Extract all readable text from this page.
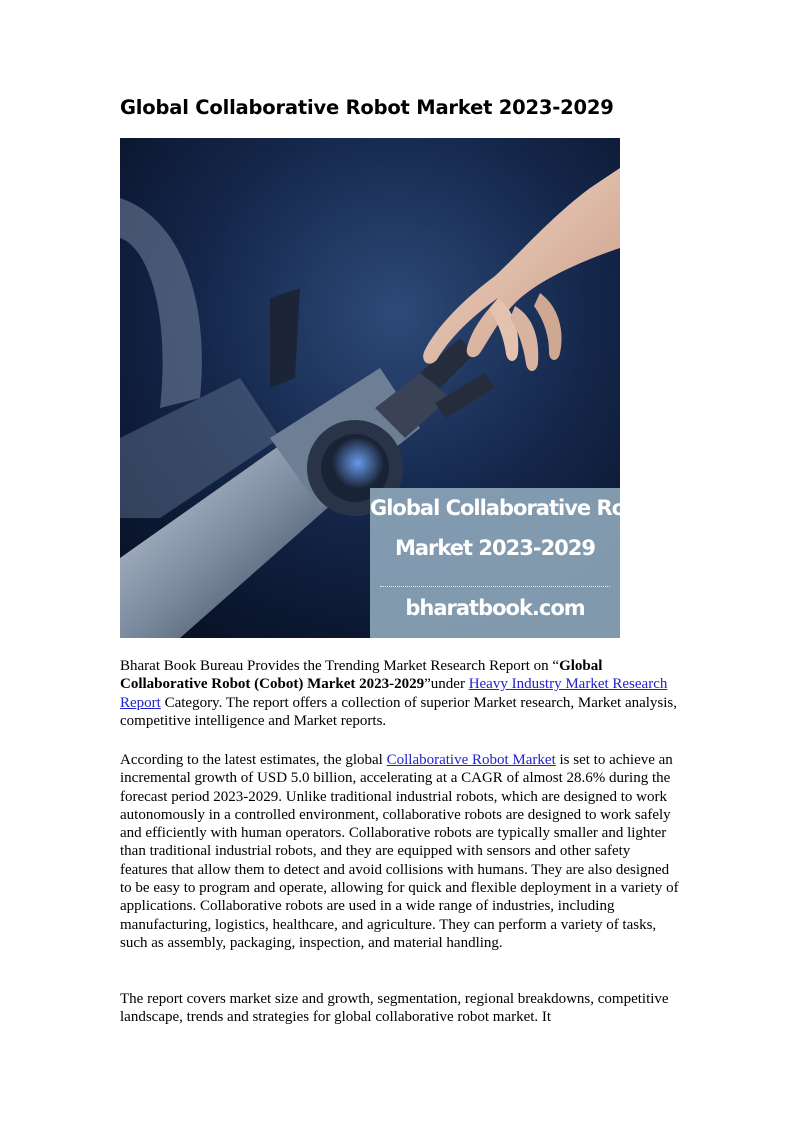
Global Collaborative Robot Market 2023-2029
Global Collaborative Robot
Market 2023-2029
bharatbook.com

Bharat Book Bureau Provides the Trending Market Research Report on “Global Collaborative Robot (Cobot) Market 2023-2029”under Heavy Industry Market Research Report Category. The report offers a collection of superior Market research, Market analysis, competitive intelligence and Market reports.

According to the latest estimates, the global Collaborative Robot Market is set to achieve an incremental growth of USD 5.0 billion, accelerating at a CAGR of almost 28.6% during the forecast period 2023-2029. Unlike traditional industrial robots, which are designed to work autonomously in a controlled environment, collaborative robots are designed to work safely and efficiently with human operators. Collaborative robots are typically smaller and lighter than traditional industrial robots, and they are equipped with sensors and other safety features that allow them to detect and avoid collisions with humans. They are also designed to be easy to program and operate, allowing for quick and flexible deployment in a variety of applications. Collaborative robots are used in a wide range of industries, including manufacturing, logistics, healthcare, and agriculture. They can perform a variety of tasks, such as assembly, packaging, inspection, and material handling.

The report covers market size and growth, segmentation, regional breakdowns, competitive landscape, trends and strategies for global collaborative robot market. It
